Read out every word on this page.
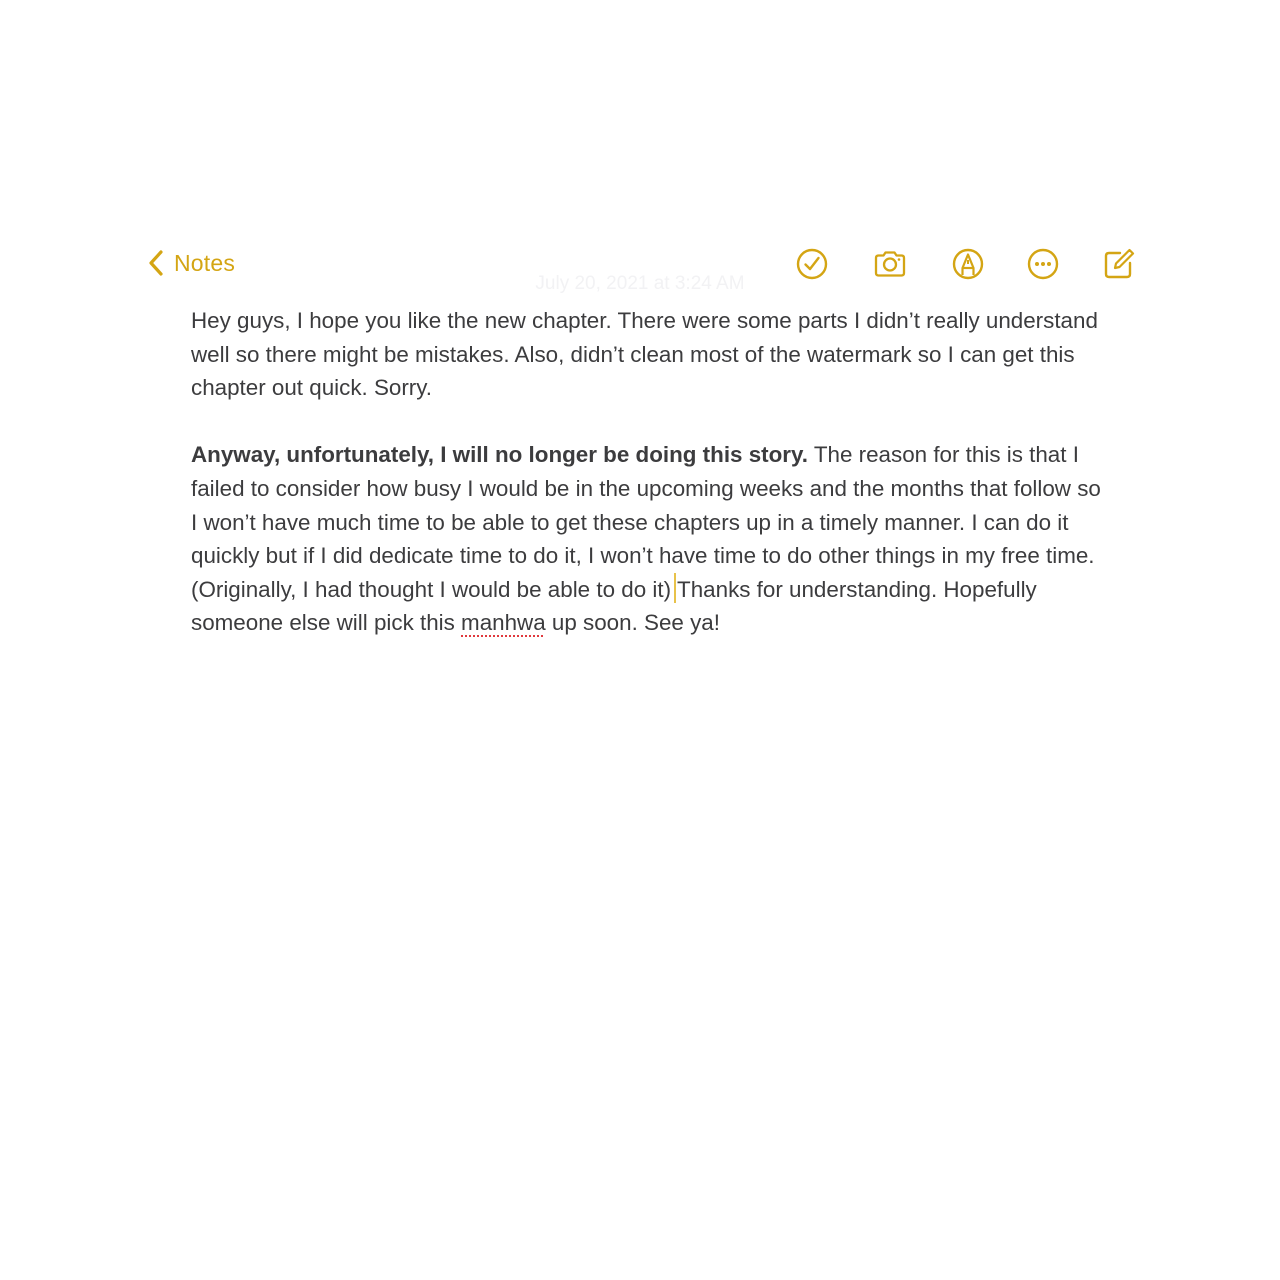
Notes
July 20, 2021 at 3:24 AM

Hey guys, I hope you like the new chapter. There were some parts I didn’t really understand well so there might be mistakes. Also, didn’t clean most of the watermark so I can get this chapter out quick. Sorry.

Anyway, unfortunately, I will no longer be doing this story. The reason for this is that I failed to consider how busy I would be in the upcoming weeks and the months that follow so I won’t have much time to be able to get these chapters up in a timely manner. I can do it quickly but if I did dedicate time to do it, I won’t have time to do other things in my free time. (Originally, I had thought I would be able to do it) Thanks for understanding. Hopefully someone else will pick this manhwa up soon. See ya!
